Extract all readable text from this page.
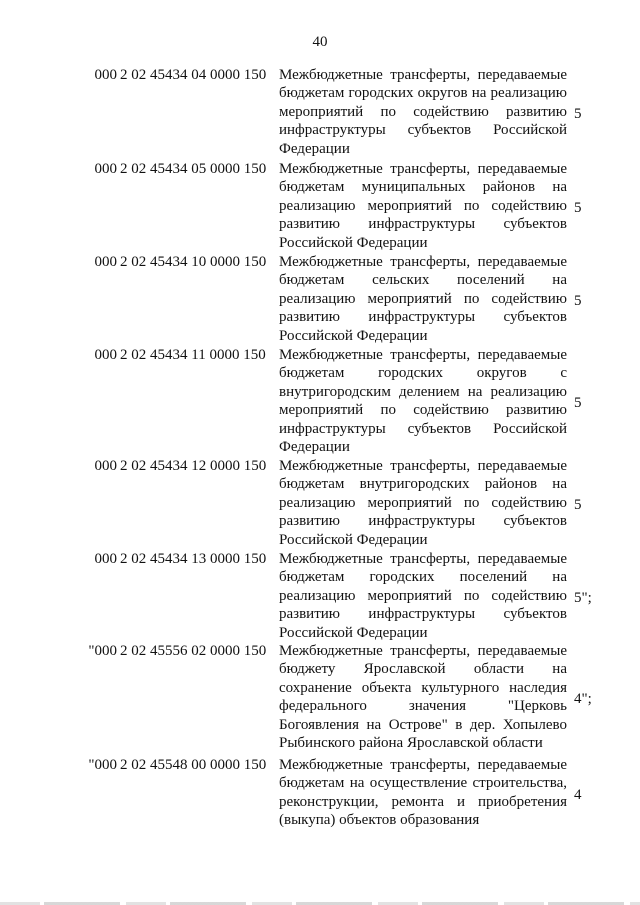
40
000 2 02 45434 04 0000 150 Межбюджетные трансферты, передаваемые
бюджетам городских округов на реализацию
мероприятий по содействию развитию
инфраструктуры субъектов Российской
Федерации
5
000 2 02 45434 05 0000 150 Межбюджетные трансферты, передаваемые
бюджетам муниципальных районов на
реализацию мероприятий по содействию
развитию инфраструктуры субъектов
Российской Федерации
5
000 2 02 45434 10 0000 150 Межбюджетные трансферты, передаваемые
бюджетам сельских поселений на
реализацию мероприятий по содействию
развитию инфраструктуры субъектов
Российской Федерации
5
000 2 02 45434 11 0000 150 Межбюджетные трансферты, передаваемые
бюджетам городских округов с
внутригородским делением на реализацию
мероприятий по содействию развитию
инфраструктуры субъектов Российской
Федерации
5
000 2 02 45434 12 0000 150 Межбюджетные трансферты, передаваемые
бюджетам внутригородских районов на
реализацию мероприятий по содействию
развитию инфраструктуры субъектов
Российской Федерации
5
000 2 02 45434 13 0000 150 Межбюджетные трансферты, передаваемые
бюджетам городских поселений на
реализацию мероприятий по содействию
развитию инфраструктуры субъектов
Российской Федерации
5";
"000 2 02 45556 02 0000 150 Межбюджетные трансферты, передаваемые
бюджету Ярославской области на
сохранение объекта культурного наследия
федерального значения "Церковь
Богоявления на Острове" в дер. Хопылево
Рыбинского района Ярославской области
4";
"000 2 02 45548 00 0000 150 Межбюджетные трансферты, передаваемые
бюджетам на осуществление строительства,
реконструкции, ремонта и приобретения
(выкупа) объектов образования
4
